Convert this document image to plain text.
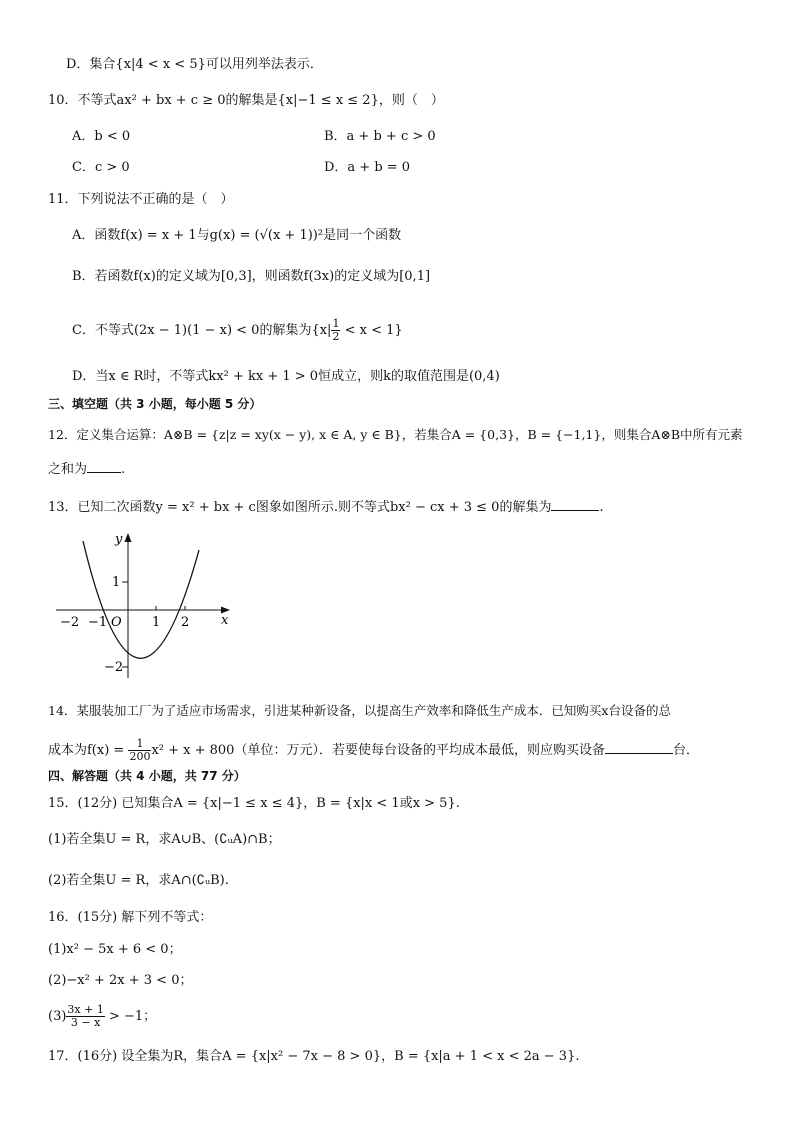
D．集合{x|4 < x < 5}可以用列举法表示．
10．不等式ax² + bx + c ≥ 0的解集是{x|−1 ≤ x ≤ 2}，则（　）
A．b < 0	B．a + b + c > 0
C．c > 0	D．a + b = 0
11．下列说法不正确的是（　）
A．函数f(x) = x + 1与g(x) = (√(x + 1))²是同一个函数
B．若函数f(x)的定义域为[0,3]，则函数f(3x)的定义域为[0,1]
C．不等式(2x − 1)(1 − x) < 0的解集为$\{x| \frac{1}{2} < x < 1\}$
D．当x ∈ R时，不等式kx² + kx + 1 > 0恒成立，则k的取值范围是(0,4)
三、填空题（共 3 小题，每小题 5 分）
12．定义集合运算：A⊗B = {z|z = xy(x − y), x ∈ A, y ∈ B}，若集合A = {0,3}，B = {−1,1}，则集合A⊗B中所有元素
之和为	.
13．已知二次函数y = x² + bx + c图象如图所示.则不等式bx² − cx + 3 ≤ 0的解集为	.
−2 −1 O 1 2
1
−2
x
y
14．某服装加工厂为了适应市场需求，引进某种新设备，以提高生产效率和降低生产成本．已知购买x台设备的总
成本为$f(x) = \frac{1}{200} x^2 + x + 800$（单位：万元）．若要使每台设备的平均成本最低，则应购买设备	台．
四、解答题（共 4 小题，共 77 分）
15．(12分) 已知集合A = {x|−1 ≤ x ≤ 4}，B = {x|x < 1或x > 5}.
(1)若全集U = R，求A∪B、(∁ᵤA)∩B；
(2)若全集U = R，求A∩(∁ᵤB).
16．(15分) 解下列不等式：
(1)x² − 5x + 6 < 0；
(2)−x² + 2x + 3 < 0；
$(3) \frac{3x + 1}{3 - x} > -1$；
17．(16分) 设全集为R，集合A = {x|x² − 7x − 8 > 0}，B = {x|a + 1 < x < 2a − 3}.
